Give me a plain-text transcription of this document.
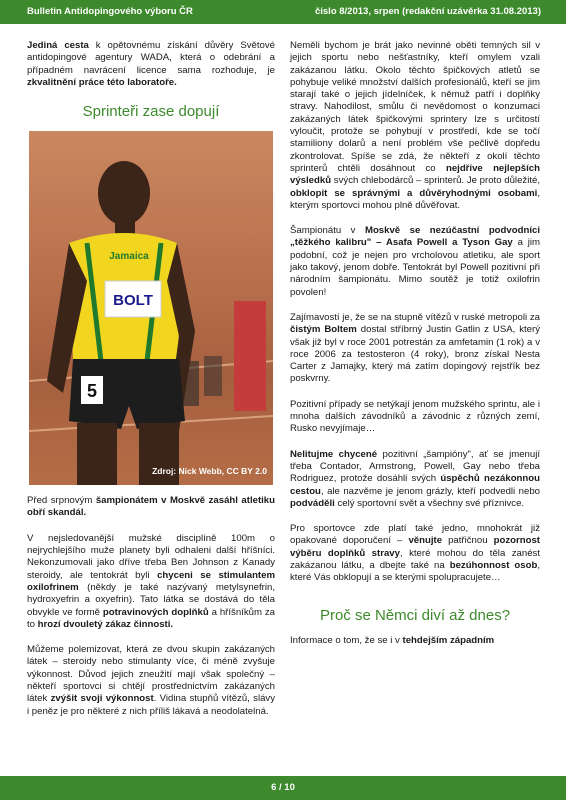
Bulletin Antidopingového výboru ČR	číslo 8/2013, srpen (redakční uzávěrka 31.08.2013)

Jediná cesta k opětovnému získání důvěry Světové antidopingové agentury WADA, která o odebrání a případném navrácení licence sama rozhoduje, je zkvalitnění práce této laboratoře.

Sprinteři zase dopují
BOLT
Jamaica
5
Zdroj: Nick Webb, CC BY 2.0

Před srpnovým šampionátem v Moskvě zasáhl atletiku obří skandál.

V nejsledovanější mužské disciplíně 100m o nejrychlejšího muže planety byli odhaleni další hříšníci. Nekonzumovali jako dříve třeba Ben Johnson z Kanady steroidy, ale tentokrát byli chyceni se stimulantem oxilofrinem (někdy je také nazývaný metylsynefrin, hydroxyefrin a oxyefrin). Tato látka se dostává do těla obvykle ve formě potravinových doplňků a hříšníkům za to hrozí dvouletý zákaz činnosti.

Můžeme polemizovat, která ze dvou skupin zakázaných látek – steroidy nebo stimulanty více, či méně zvyšuje výkonnost. Důvod jejich zneužití mají však společný – někteří sportovci si chtějí prostřednictvím zakázaných látek zvýšit svoji výkonnost. Vidina stupňů vítězů, slávy i peněz je pro některé z nich příliš lákavá a neodolatelná.

Neměli bychom je brát jako nevinné oběti temných sil v jejich sportu nebo nešťastníky, kteří omylem vzali zakázanou látku. Okolo těchto špičkových atletů se pohybuje veliké množství dalších profesionálů, kteří se jim starají také o jejich jídelníček, k němuž patří i doplňky stravy. Nahodilost, smůlu či nevědomost o konzumaci zakázaných látek špičkovými sprintery lze s určitostí vyloučit, protože se pohybují v prostředí, kde se točí stamiliony dolarů a není problém vše pečlivě dopředu zkontrolovat. Spíše se zdá, že někteří z okolí těchto sprinterů chtěli dosáhnout co nejdříve nejlepších výsledků svých chlebodárců – sprinterů. Je proto důležité, obklopit se správnými a důvěryhodnými osobami, kterým sportovci mohou plně důvěřovat.

Šampionátu v Moskvě se nezúčastní podvodníci „těžkého kalibru" – Asafa Powell a Tyson Gay a jim podobní, což je nejen pro vrcholovou atletiku, ale sport jako takový, jenom dobře. Tentokrát byl Powell pozitivní při národním šampionátu. Mimo soutěž je totiž oxilofrin povolen!

Zajímavostí je, že se na stupně vítězů v ruské metropoli za čistým Boltem dostal stříbrný Justin Gatlin z USA, který však již byl v roce 2001 potrestán za amfetamin (1 rok) a v roce 2006 za testosteron (4 roky), bronz získal Nesta Carter z Jamajky, který má zatím dopingový rejstřík bez poskvrny.

Pozitivní případy se netýkají jenom mužského sprintu, ale i mnoha dalších závodníků a závodnic z různých zemí, Rusko nevyjímaje…

Nelitujme chycené pozitivní „šampióny", ať se jmenují třeba Contador, Armstrong, Powell, Gay nebo třeba Rodriguez, protože dosáhli svých úspěchů nezákonnou cestou, ale nazvěme je jenom grázly, kteří podvedli nebo podváděli celý sportovní svět a všechny své příznivce.

Pro sportovce zde platí také jedno, mnohokrát již opakované doporučení – věnujte patřičnou pozornost výběru doplňků stravy, které mohou do těla zanést zakázanou látku, a dbejte také na bezúhonnost osob, které Vás obklopují a se kterými spolupracujete…

Proč se Němci diví až dnes?

Informace o tom, že se i v tehdejším západním

6 / 10
